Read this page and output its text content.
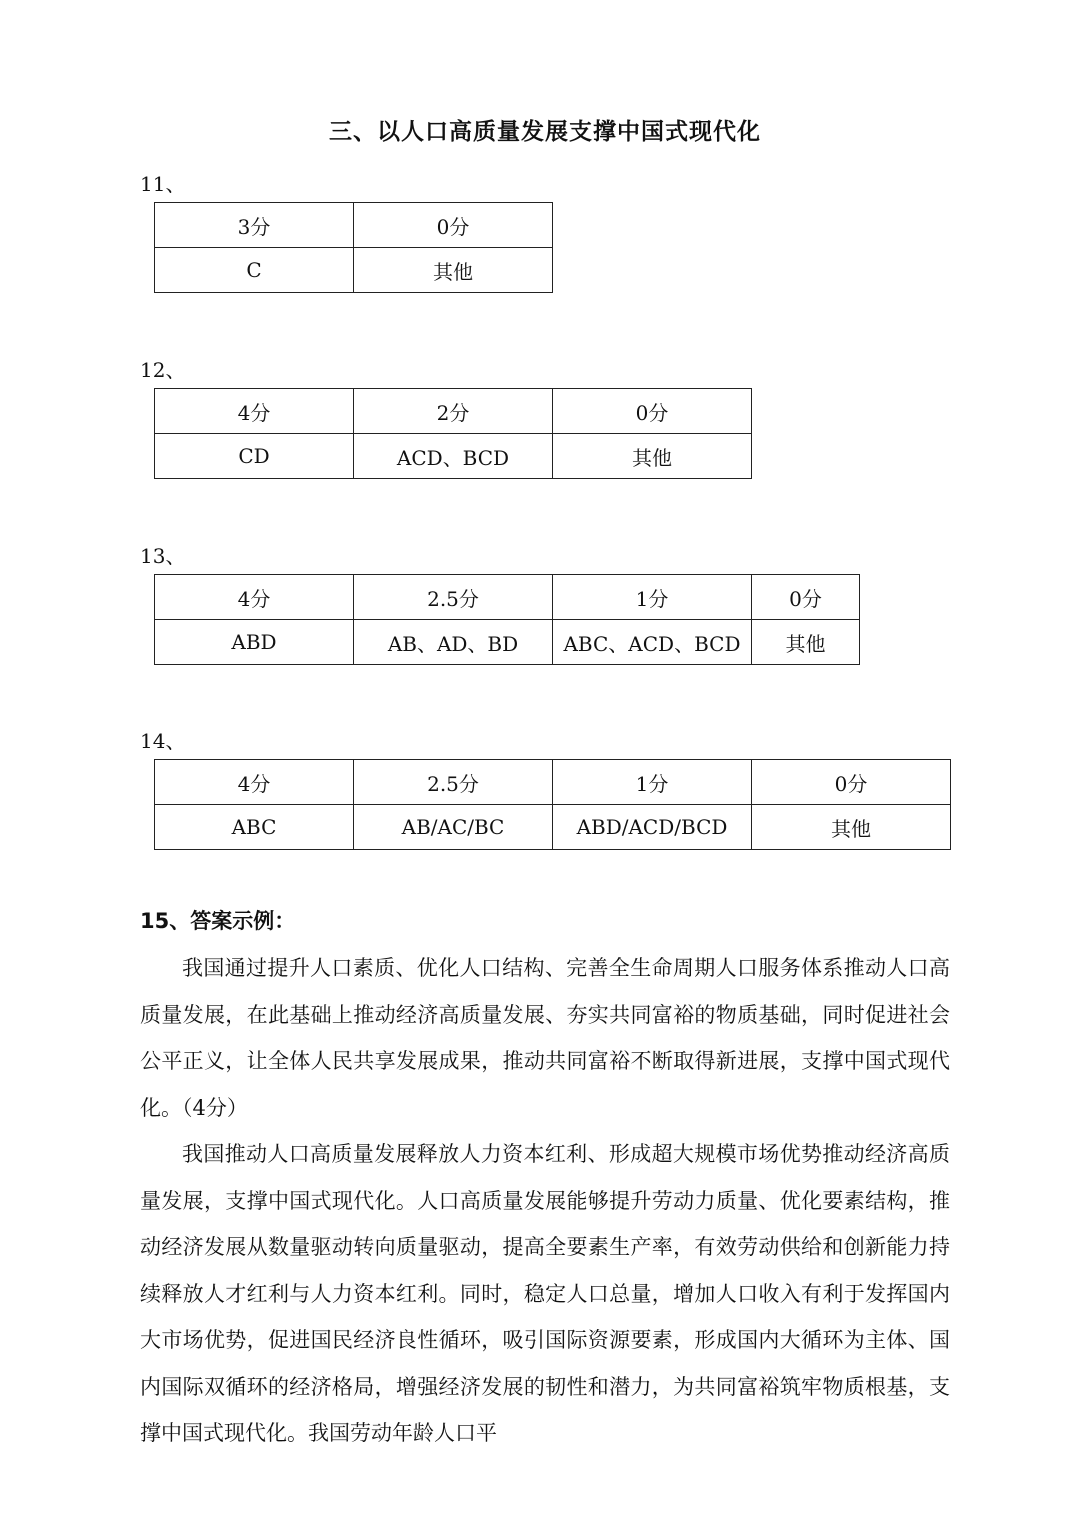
三、以人口高质量发展支撑中国式现代化
11、
3分	0分
C	其他
12、
4分	2分	0分
CD	ACD、BCD	其他
13、
4分	2.5分	1分	0分
ABD	AB、AD、BD	ABC、ACD、BCD	其他
14、
4分	2.5分	1分	0分
ABC	AB/AC/BC	ABD/ACD/BCD	其他
15、答案示例：

我国通过提升人口素质、优化人口结构、完善全生命周期人口服务体系推动人口高质量发展，在此基础上推动经济高质量发展、夯实共同富裕的物质基础，同时促进社会公平正义，让全体人民共享发展成果，推动共同富裕不断取得新进展，支撑中国式现代化。（4分）

我国推动人口高质量发展释放人力资本红利、形成超大规模市场优势推动经济高质量发展，支撑中国式现代化。人口高质量发展能够提升劳动力质量、优化要素结构，推动经济发展从数量驱动转向质量驱动，提高全要素生产率，有效劳动供给和创新能力持续释放人才红利与人力资本红利。同时，稳定人口总量，增加人口收入有利于发挥国内大市场优势，促进国民经济良性循环，吸引国际资源要素，形成国内大循环为主体、国内国际双循环的经济格局，增强经济发展的韧性和潜力，为共同富裕筑牢物质根基，支撑中国式现代化。我国劳动年龄人口平
